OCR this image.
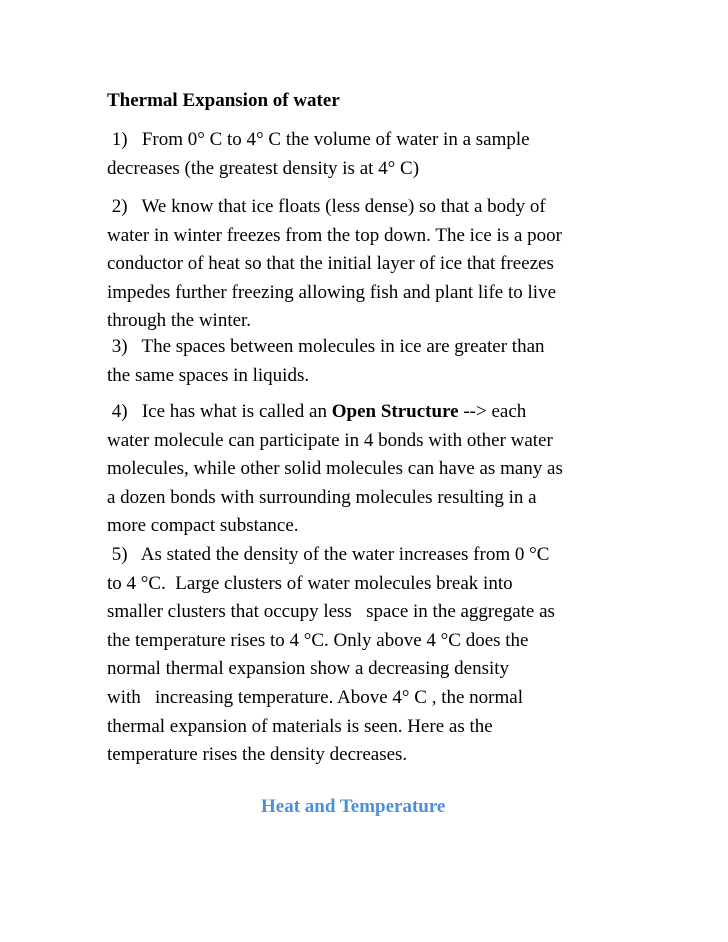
Thermal Expansion of water
1)   From 0° C to 4° C the volume of water in a sample
decreases (the greatest density is at 4° C)
2)   We know that ice floats (less dense) so that a body of
water in winter freezes from the top down. The ice is a poor
conductor of heat so that the initial layer of ice that freezes
impedes further freezing allowing fish and plant life to live
through the winter.
3)   The spaces between molecules in ice are greater than
the same spaces in liquids.
4)   Ice has what is called an Open Structure --> each
water molecule can participate in 4 bonds with other water
molecules, while other solid molecules can have as many as
a dozen bonds with surrounding molecules resulting in a
more compact substance.
5)   As stated the density of the water increases from 0 °C
to 4 °C.  Large clusters of water molecules break into
smaller clusters that occupy less   space in the aggregate as
the temperature rises to 4 °C. Only above 4 °C does the
normal thermal expansion show a decreasing density
with   increasing temperature. Above 4° C , the normal
thermal expansion of materials is seen. Here as the
temperature rises the density decreases.
Heat and Temperature
